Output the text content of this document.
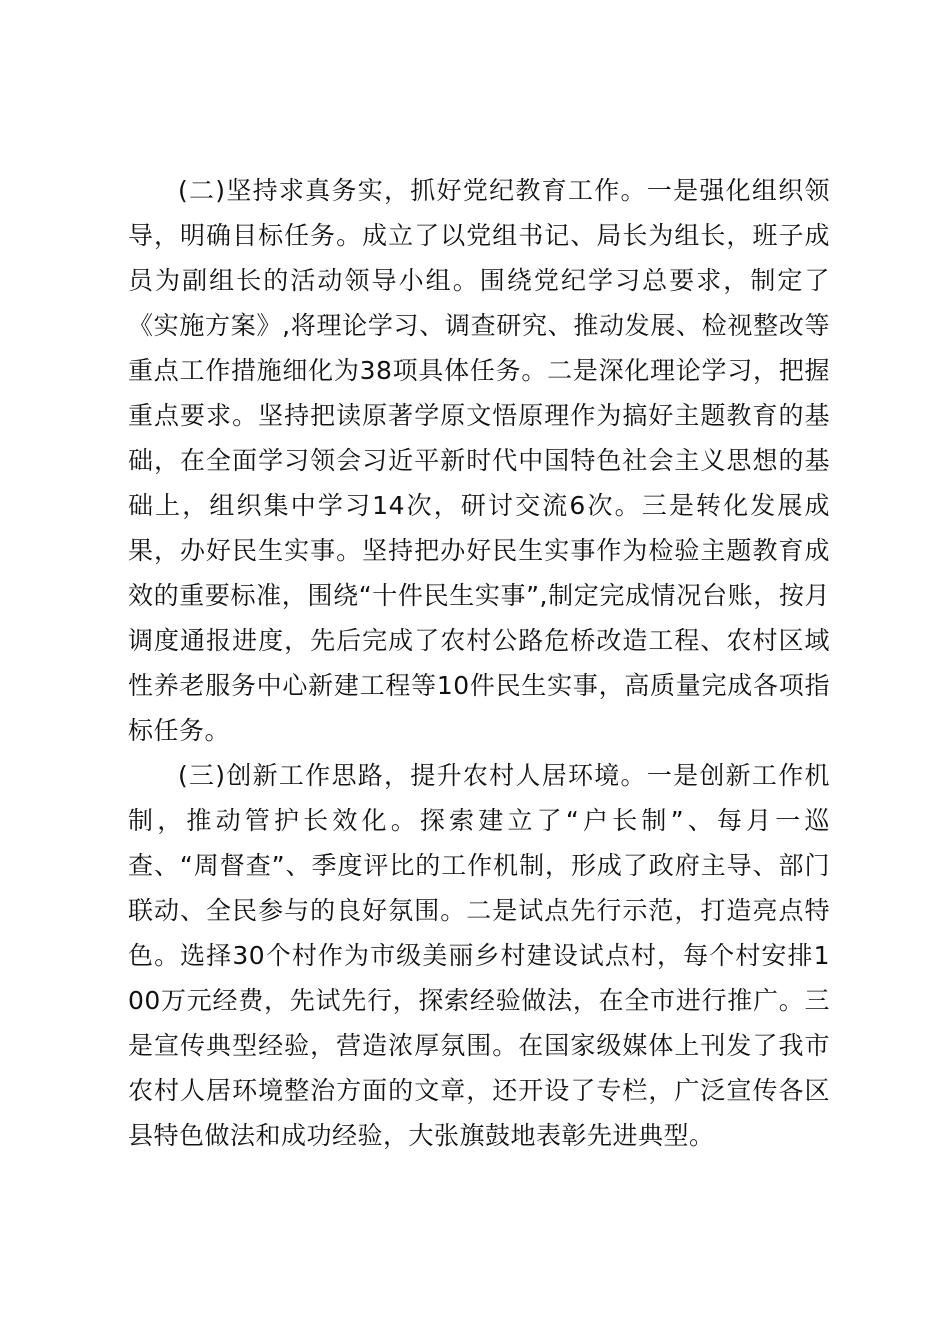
(二)坚持求真务实，抓好党纪教育工作。一是强化组织领导，明确目标任务。成立了以党组书记、局长为组长，班子成员为副组长的活动领导小组。围绕党纪学习总要求，制定了《实施方案》,将理论学习、调查研究、推动发展、检视整改等重点工作措施细化为38项具体任务。二是深化理论学习，把握重点要求。坚持把读原著学原文悟原理作为搞好主题教育的基础，在全面学习领会习近平新时代中国特色社会主义思想的基础上，组织集中学习14次，研讨交流6次。三是转化发展成果，办好民生实事。坚持把办好民生实事作为检验主题教育成效的重要标准，围绕“十件民生实事”,制定完成情况台账，按月调度通报进度，先后完成了农村公路危桥改造工程、农村区域性养老服务中心新建工程等10件民生实事，高质量完成各项指标任务。

(三)创新工作思路，提升农村人居环境。一是创新工作机制，推动管护长效化。探索建立了“户长制”、每月一巡查、“周督查”、季度评比的工作机制，形成了政府主导、部门联动、全民参与的良好氛围。二是试点先行示范，打造亮点特色。选择30个村作为市级美丽乡村建设试点村，每个村安排100万元经费，先试先行，探索经验做法，在全市进行推广。三是宣传典型经验，营造浓厚氛围。在国家级媒体上刊发了我市农村人居环境整治方面的文章，还开设了专栏，广泛宣传各区县特色做法和成功经验，大张旗鼓地表彰先进典型。
